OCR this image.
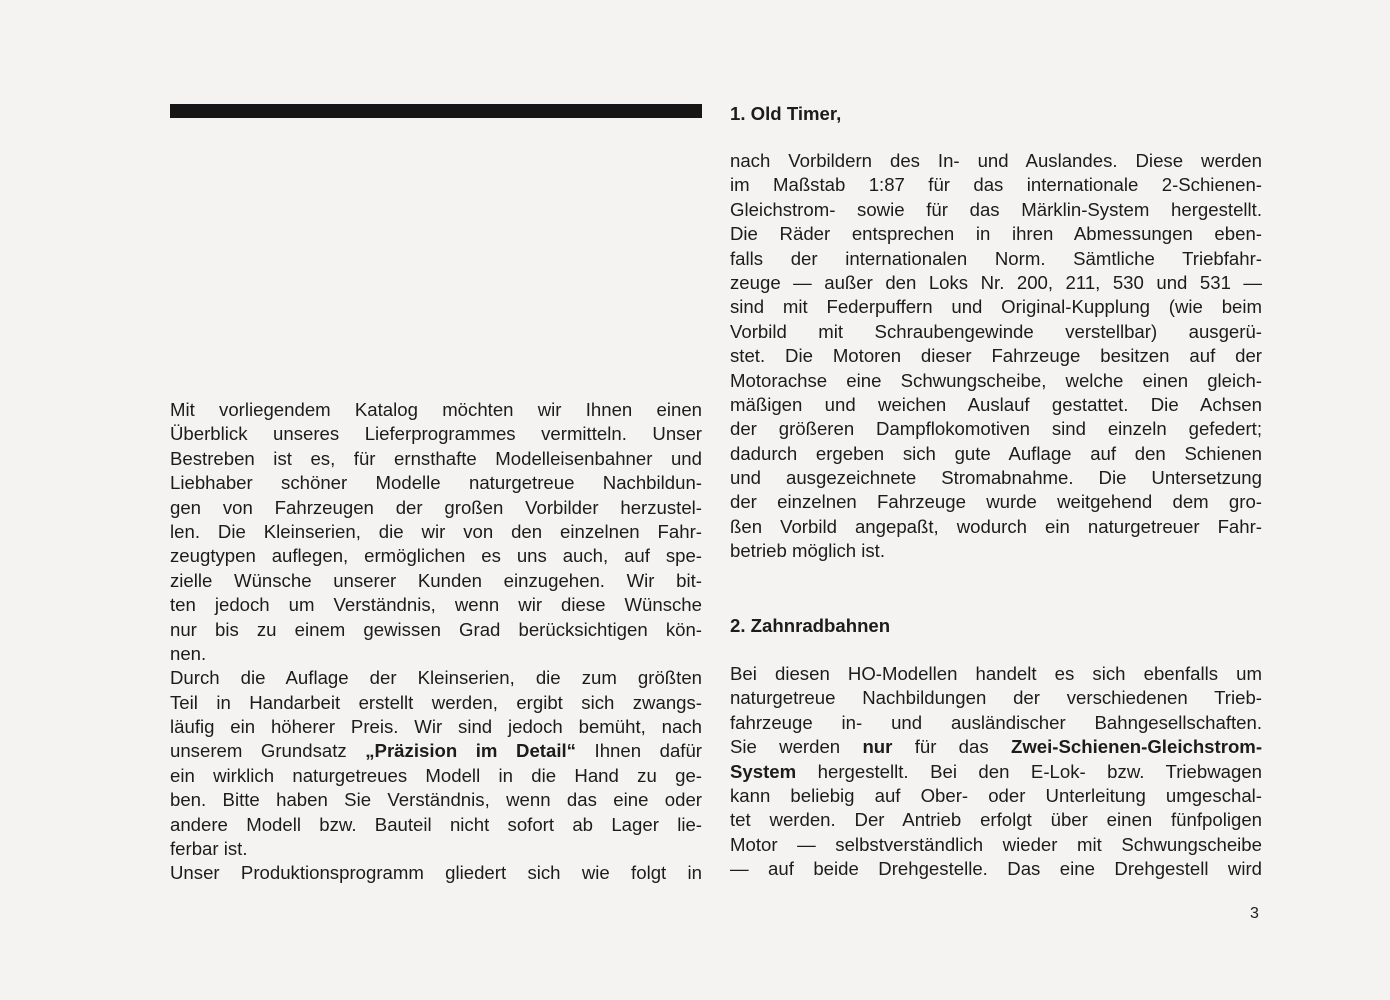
Mit vorliegendem Katalog möchten wir Ihnen einen
Überblick unseres Lieferprogrammes vermitteln. Unser
Bestreben ist es, für ernsthafte Modelleisenbahner und
Liebhaber schöner Modelle naturgetreue Nachbildun-
gen von Fahrzeugen der großen Vorbilder herzustel-
len. Die Kleinserien, die wir von den einzelnen Fahr-
zeugtypen auflegen, ermöglichen es uns auch, auf spe-
zielle Wünsche unserer Kunden einzugehen. Wir bit-
ten jedoch um Verständnis, wenn wir diese Wünsche
nur bis zu einem gewissen Grad berücksichtigen kön-
nen.
Durch die Auflage der Kleinserien, die zum größten
Teil in Handarbeit erstellt werden, ergibt sich zwangs-
läufig ein höherer Preis. Wir sind jedoch bemüht, nach
unserem Grundsatz „Präzision im Detail“ Ihnen dafür
ein wirklich naturgetreues Modell in die Hand zu ge-
ben. Bitte haben Sie Verständnis, wenn das eine oder
andere Modell bzw. Bauteil nicht sofort ab Lager lie-
ferbar ist.
Unser Produktionsprogramm gliedert sich wie folgt in
1. Old Timer,
nach Vorbildern des In- und Auslandes. Diese werden
im Maßstab 1:87 für das internationale 2-Schienen-
Gleichstrom- sowie für das Märklin-System hergestellt.
Die Räder entsprechen in ihren Abmessungen eben-
falls der internationalen Norm. Sämtliche Triebfahr-
zeuge — außer den Loks Nr. 200, 211, 530 und 531 —
sind mit Federpuffern und Original-Kupplung (wie beim
Vorbild mit Schraubengewinde verstellbar) ausgerü-
stet. Die Motoren dieser Fahrzeuge besitzen auf der
Motorachse eine Schwungscheibe, welche einen gleich-
mäßigen und weichen Auslauf gestattet. Die Achsen
der größeren Dampflokomotiven sind einzeln gefedert;
dadurch ergeben sich gute Auflage auf den Schienen
und ausgezeichnete Stromabnahme. Die Untersetzung
der einzelnen Fahrzeuge wurde weitgehend dem gro-
ßen Vorbild angepaßt, wodurch ein naturgetreuer Fahr-
betrieb möglich ist.
2. Zahnradbahnen
Bei diesen HO-Modellen handelt es sich ebenfalls um
naturgetreue Nachbildungen der verschiedenen Trieb-
fahrzeuge in- und ausländischer Bahngesellschaften.
Sie werden nur für das Zwei-Schienen-Gleichstrom-
System hergestellt. Bei den E-Lok- bzw. Triebwagen
kann beliebig auf Ober- oder Unterleitung umgeschal-
tet werden. Der Antrieb erfolgt über einen fünfpoligen
Motor — selbstverständlich wieder mit Schwungscheibe
— auf beide Drehgestelle. Das eine Drehgestell wird
3
